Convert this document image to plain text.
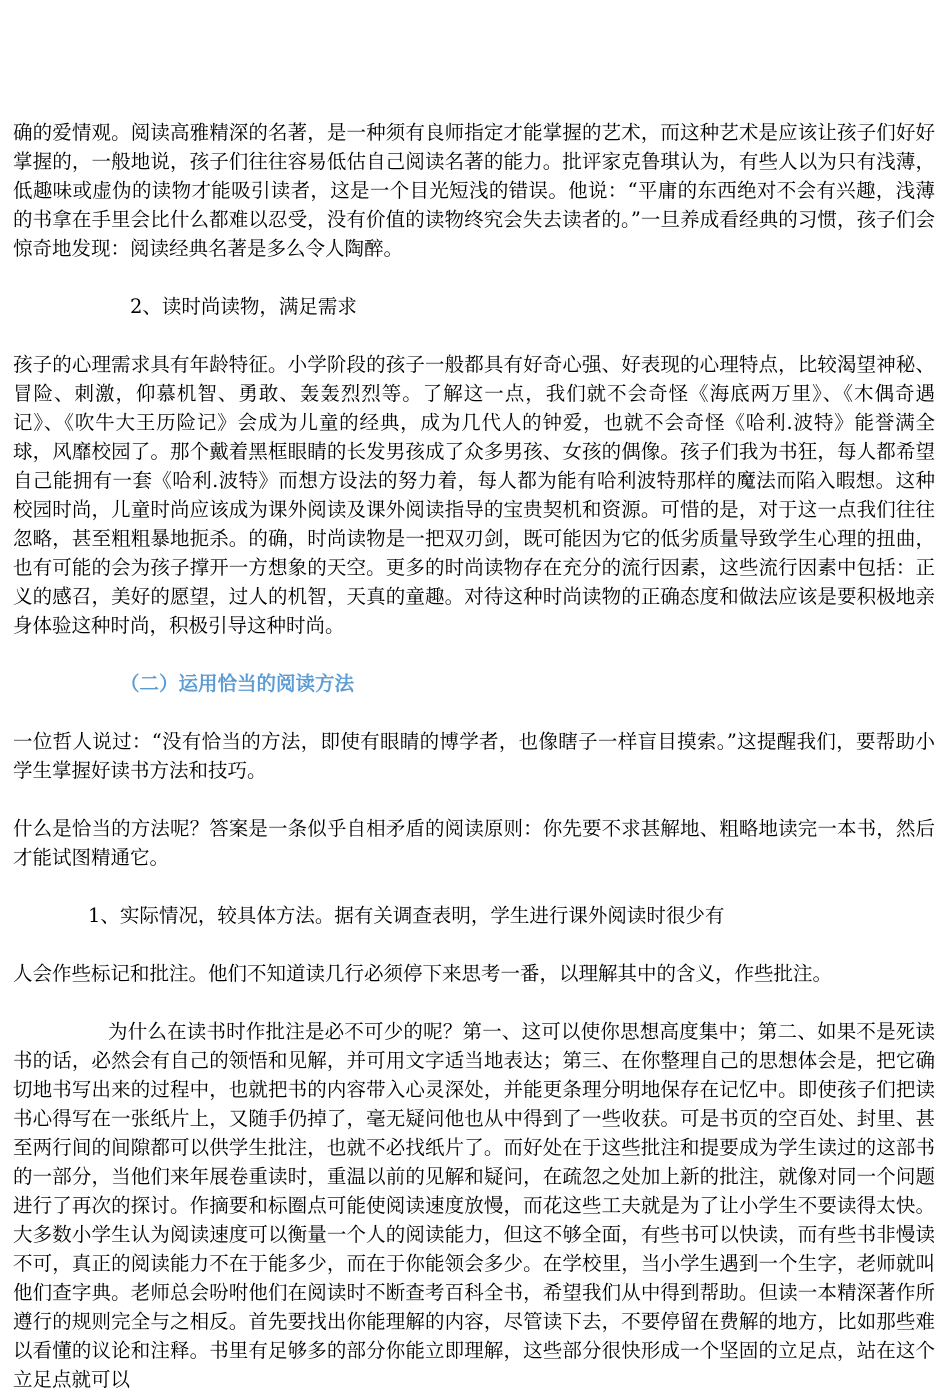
确的爱情观。阅读高雅精深的名著，是一种须有良师指定才能掌握的艺术，而这种艺术是应该让孩子们好好掌握的，一般地说，孩子们往往容易低估自己阅读名著的能力。批评家克鲁琪认为，有些人以为只有浅薄，低趣味或虚伪的读物才能吸引读者，这是一个目光短浅的错误。他说：“平庸的东西绝对不会有兴趣，浅薄的书拿在手里会比什么都难以忍受，没有价值的读物终究会失去读者的。”一旦养成看经典的习惯，孩子们会惊奇地发现：阅读经典名著是多么令人陶醉。

2、读时尚读物，满足需求

孩子的心理需求具有年龄特征。小学阶段的孩子一般都具有好奇心强、好表现的心理特点，比较渴望神秘、冒险、刺激，仰慕机智、勇敢、轰轰烈烈等。了解这一点，我们就不会奇怪《海底两万里》、《木偶奇遇记》、《吹牛大王历险记》会成为儿童的经典，成为几代人的钟爱，也就不会奇怪《哈利.波特》能誉满全球，风靡校园了。那个戴着黑框眼睛的长发男孩成了众多男孩、女孩的偶像。孩子们我为书狂，每人都希望自己能拥有一套《哈利.波特》而想方设法的努力着，每人都为能有哈利波特那样的魔法而陷入暇想。这种校园时尚，儿童时尚应该成为课外阅读及课外阅读指导的宝贵契机和资源。可惜的是，对于这一点我们往往忽略，甚至粗粗暴地扼杀。的确，时尚读物是一把双刃剑，既可能因为它的低劣质量导致学生心理的扭曲，也有可能的会为孩子撑开一方想象的天空。更多的时尚读物存在充分的流行因素，这些流行因素中包括：正义的感召，美好的愿望，过人的机智，天真的童趣。对待这种时尚读物的正确态度和做法应该是要积极地亲身体验这种时尚，积极引导这种时尚。

（二）运用恰当的阅读方法

一位哲人说过：“没有恰当的方法，即使有眼睛的博学者，也像瞎子一样盲目摸索。”这提醒我们，要帮助小学生掌握好读书方法和技巧。

什么是恰当的方法呢？答案是一条似乎自相矛盾的阅读原则：你先要不求甚解地、粗略地读完一本书，然后才能试图精通它。

1、实际情况，较具体方法。据有关调查表明，学生进行课外阅读时很少有

人会作些标记和批注。他们不知道读几行必须停下来思考一番，以理解其中的含义，作些批注。

为什么在读书时作批注是必不可少的呢？第一、这可以使你思想高度集中；第二、如果不是死读书的话，必然会有自己的领悟和见解，并可用文字适当地表达；第三、在你整理自己的思想体会是，把它确切地书写出来的过程中，也就把书的内容带入心灵深处，并能更条理分明地保存在记忆中。即使孩子们把读书心得写在一张纸片上，又随手仍掉了，毫无疑问他也从中得到了一些收获。可是书页的空百处、封里、甚至两行间的间隙都可以供学生批注，也就不必找纸片了。而好处在于这些批注和提要成为学生读过的这部书的一部分，当他们来年展卷重读时，重温以前的见解和疑问，在疏忽之处加上新的批注，就像对同一个问题进行了再次的探讨。作摘要和标圈点可能使阅读速度放慢，而花这些工夫就是为了让小学生不要读得太快。大多数小学生认为阅读速度可以衡量一个人的阅读能力，但这不够全面，有些书可以快读，而有些书非慢读不可，真正的阅读能力不在于能多少，而在于你能领会多少。在学校里，当小学生遇到一个生字，老师就叫他们查字典。老师总会吩咐他们在阅读时不断查考百科全书，希望我们从中得到帮助。但读一本精深著作所遵行的规则完全与之相反。首先要找出你能理解的内容，尽管读下去，不要停留在费解的地方，比如那些难以看懂的议论和注释。书里有足够多的部分你能立即理解，这些部分很快形成一个坚固的立足点，站在这个立足点就可以
